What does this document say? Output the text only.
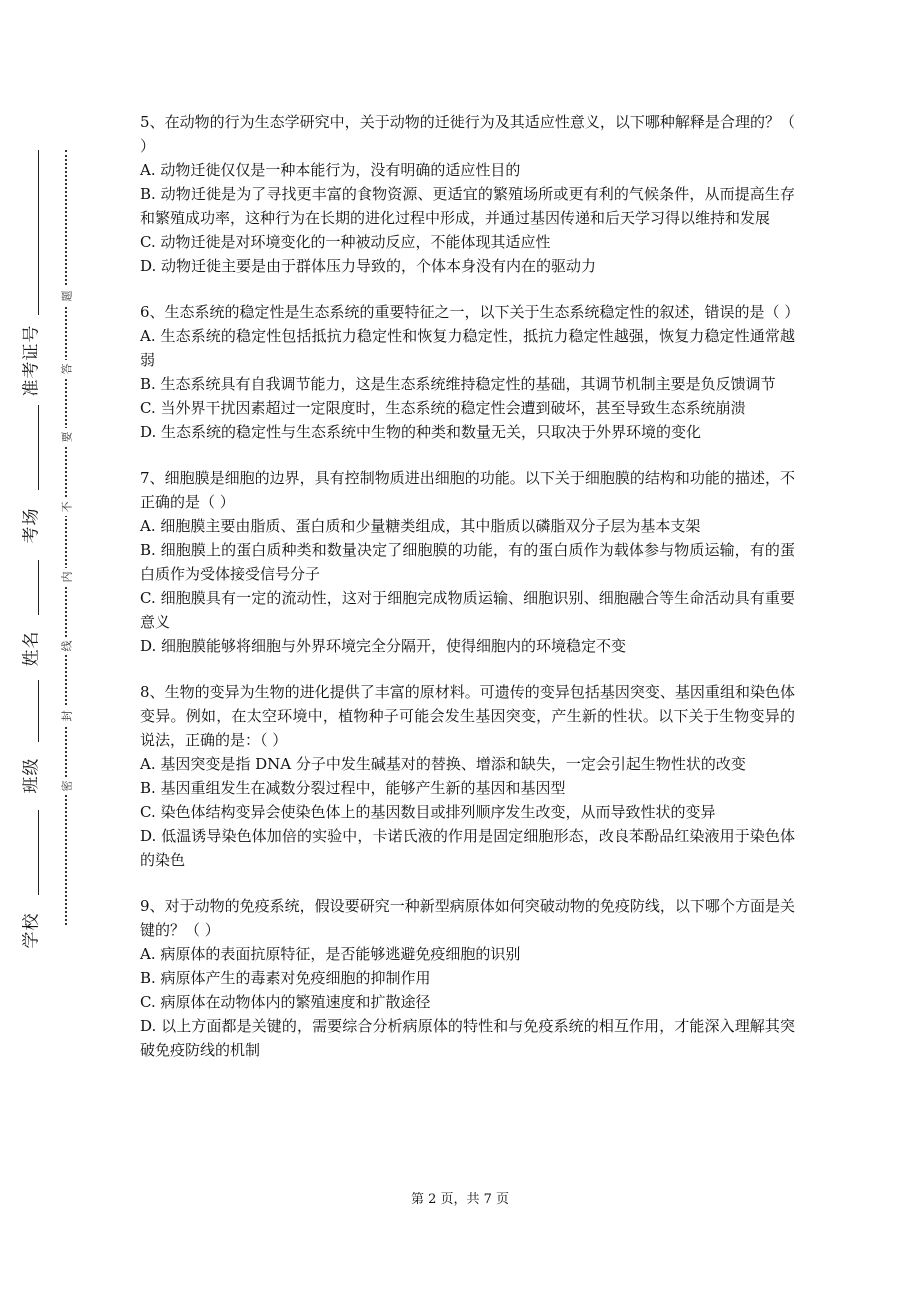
准考证号
考场
姓名
班级
学校
题
答
要
不
内
线
封
密
5、在动物的行为生态学研究中，关于动物的迁徙行为及其适应性意义，以下哪种解释是合理的？（ ）
A. 动物迁徙仅仅是一种本能行为，没有明确的适应性目的
B. 动物迁徙是为了寻找更丰富的食物资源、更适宜的繁殖场所或更有利的气候条件，从而提高生存和繁殖成功率，这种行为在长期的进化过程中形成，并通过基因传递和后天学习得以维持和发展
C. 动物迁徙是对环境变化的一种被动反应，不能体现其适应性
D. 动物迁徙主要是由于群体压力导致的，个体本身没有内在的驱动力
6、生态系统的稳定性是生态系统的重要特征之一，以下关于生态系统稳定性的叙述，错误的是（ ）
A. 生态系统的稳定性包括抵抗力稳定性和恢复力稳定性，抵抗力稳定性越强，恢复力稳定性通常越弱
B. 生态系统具有自我调节能力，这是生态系统维持稳定性的基础，其调节机制主要是负反馈调节
C. 当外界干扰因素超过一定限度时，生态系统的稳定性会遭到破坏，甚至导致生态系统崩溃
D. 生态系统的稳定性与生态系统中生物的种类和数量无关，只取决于外界环境的变化
7、细胞膜是细胞的边界，具有控制物质进出细胞的功能。以下关于细胞膜的结构和功能的描述，不正确的是（ ）
A. 细胞膜主要由脂质、蛋白质和少量糖类组成，其中脂质以磷脂双分子层为基本支架
B. 细胞膜上的蛋白质种类和数量决定了细胞膜的功能，有的蛋白质作为载体参与物质运输，有的蛋白质作为受体接受信号分子
C. 细胞膜具有一定的流动性，这对于细胞完成物质运输、细胞识别、细胞融合等生命活动具有重要意义
D. 细胞膜能够将细胞与外界环境完全分隔开，使得细胞内的环境稳定不变
8、生物的变异为生物的进化提供了丰富的原材料。可遗传的变异包括基因突变、基因重组和染色体变异。例如，在太空环境中，植物种子可能会发生基因突变，产生新的性状。以下关于生物变异的说法，正确的是：（ ）
A. 基因突变是指 DNA 分子中发生碱基对的替换、增添和缺失，一定会引起生物性状的改变
B. 基因重组发生在减数分裂过程中，能够产生新的基因和基因型
C. 染色体结构变异会使染色体上的基因数目或排列顺序发生改变，从而导致性状的变异
D. 低温诱导染色体加倍的实验中，卡诺氏液的作用是固定细胞形态，改良苯酚品红染液用于染色体的染色
9、对于动物的免疫系统，假设要研究一种新型病原体如何突破动物的免疫防线，以下哪个方面是关键的？（ ）
A. 病原体的表面抗原特征，是否能够逃避免疫细胞的识别
B. 病原体产生的毒素对免疫细胞的抑制作用
C. 病原体在动物体内的繁殖速度和扩散途径
D. 以上方面都是关键的，需要综合分析病原体的特性和与免疫系统的相互作用，才能深入理解其突破免疫防线的机制
第 2 页，共 7 页
